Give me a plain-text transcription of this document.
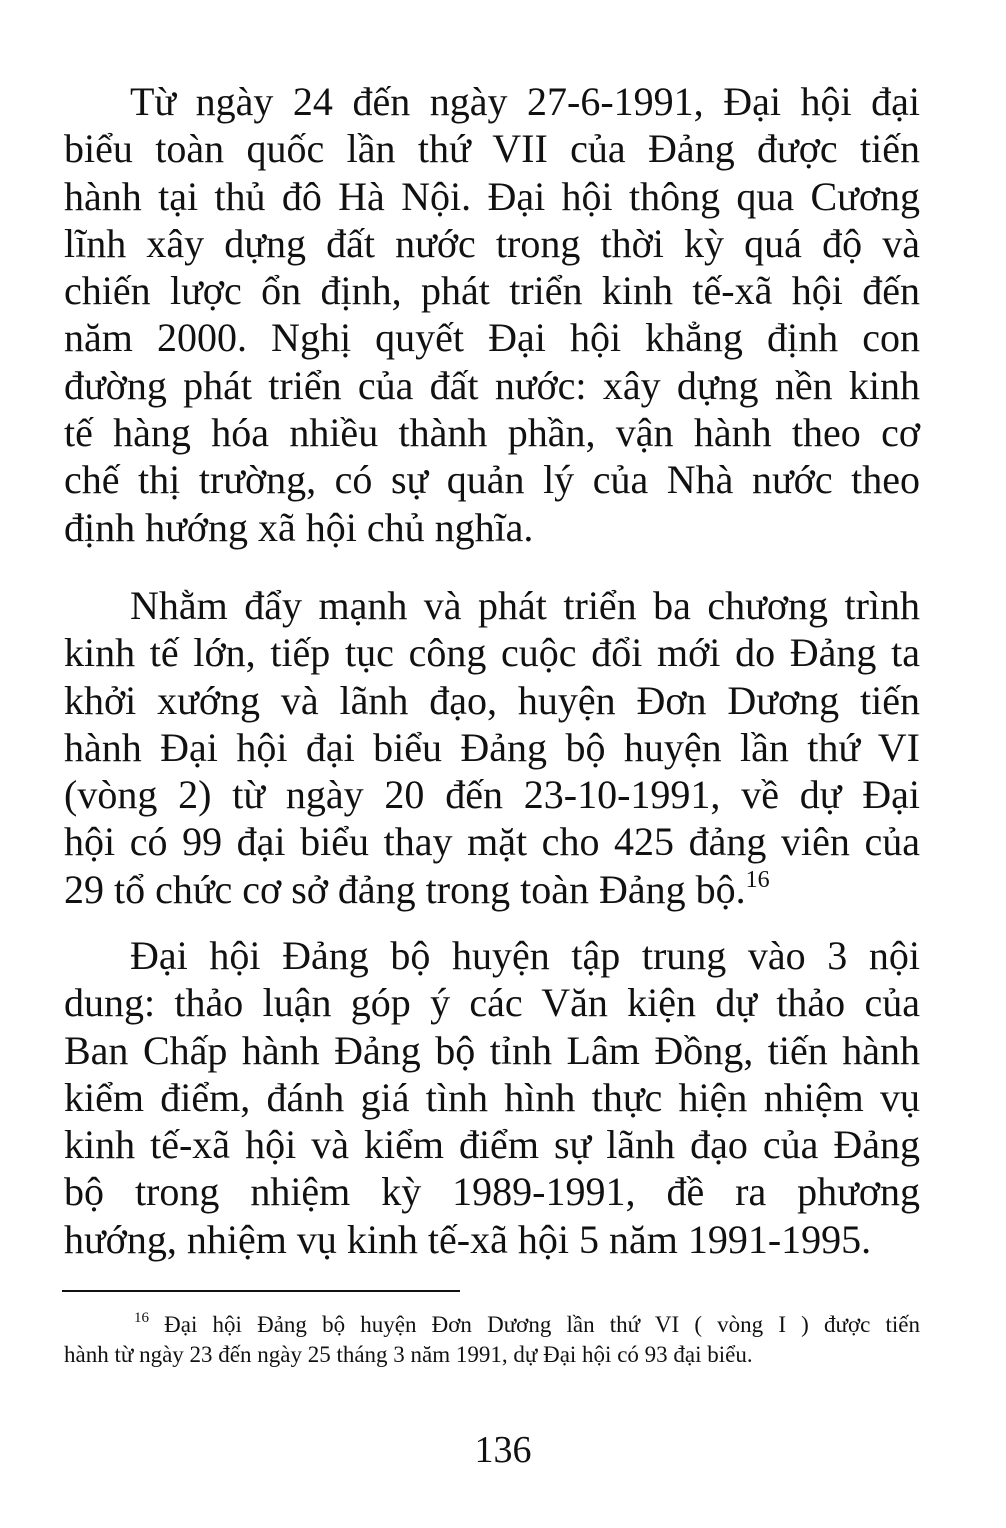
Từ ngày 24 đến ngày 27-6-1991, Đại hội đại
biểu toàn quốc lần thứ VII của Đảng được tiến
hành tại thủ đô Hà Nội. Đại hội thông qua Cương
lĩnh xây dựng đất nước trong thời kỳ quá độ và
chiến lược ổn định, phát triển kinh tế-xã hội đến
năm 2000. Nghị quyết Đại hội khẳng định con
đường phát triển của đất nước: xây dựng nền kinh
tế hàng hóa nhiều thành phần, vận hành theo cơ
chế thị trường, có sự quản lý của Nhà nước theo
định hướng xã hội chủ nghĩa.

Nhằm đẩy mạnh và phát triển ba chương trình
kinh tế lớn, tiếp tục công cuộc đổi mới do Đảng ta
khởi xướng và lãnh đạo, huyện Đơn Dương tiến
hành Đại hội đại biểu Đảng bộ huyện lần thứ VI
(vòng 2) từ ngày 20 đến 23-10-1991, về dự Đại
hội có 99 đại biểu thay mặt cho 425 đảng viên của
29 tổ chức cơ sở đảng trong toàn Đảng bộ.$^{16}$

Đại hội Đảng bộ huyện tập trung vào 3 nội
dung: thảo luận góp ý các Văn kiện dự thảo của
Ban Chấp hành Đảng bộ tỉnh Lâm Đồng, tiến hành
kiểm điểm, đánh giá tình hình thực hiện nhiệm vụ
kinh tế-xã hội và kiểm điểm sự lãnh đạo của Đảng
bộ trong nhiệm kỳ 1989-1991, đề ra phương
hướng, nhiệm vụ kinh tế-xã hội 5 năm 1991-1995.

$^{16}$ Đại hội Đảng bộ huyện Đơn Dương lần thứ VI ( vòng I ) được tiến
hành từ ngày 23 đến ngày 25 tháng 3 năm 1991, dự Đại hội có 93 đại biểu.

136
